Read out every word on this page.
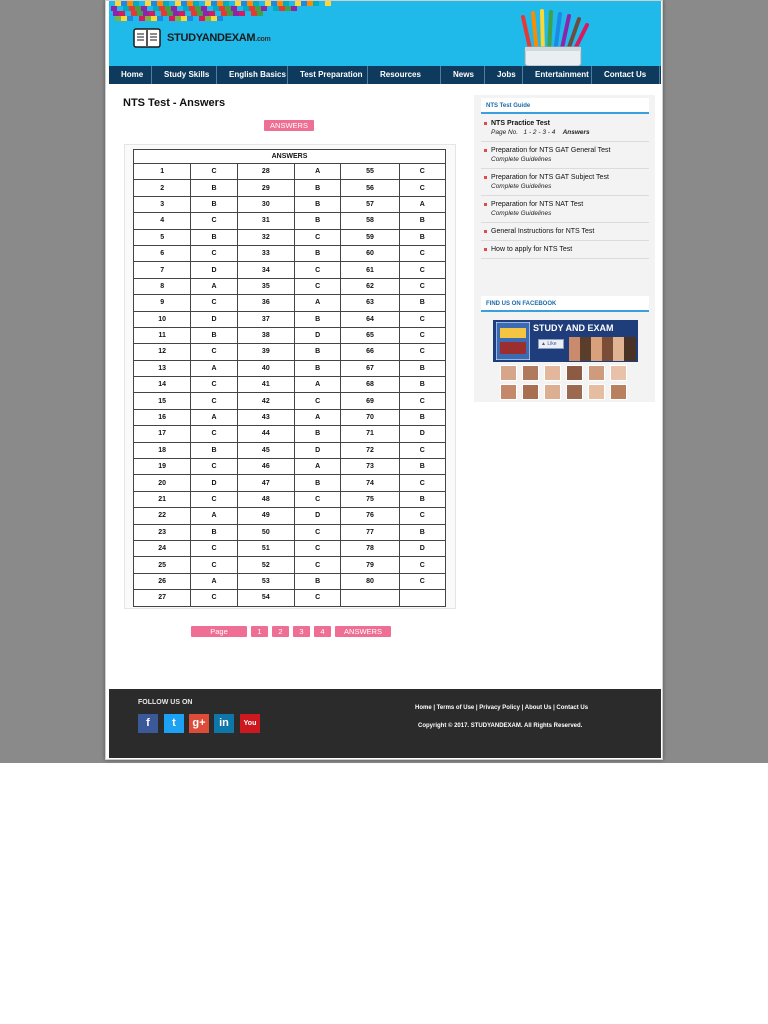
STUDYANDEXAM.com
Home	Study Skills	English Basics	Test Preparation	Resources	News	Jobs	Entertainment	Contact Us
NTS Test - Answers
ANSWERS
ANSWERS					
1	C	28	A	55	C
2	B	29	B	56	C
3	B	30	B	57	A
4	C	31	B	58	B
5	B	32	C	59	B
6	C	33	B	60	C
7	D	34	C	61	C
8	A	35	C	62	C
9	C	36	A	63	B
10	D	37	B	64	C
11	B	38	D	65	C
12	C	39	B	66	C
13	A	40	B	67	B
14	C	41	A	68	B
15	C	42	C	69	C
16	A	43	A	70	B
17	C	44	B	71	D
18	B	45	D	72	C
19	C	46	A	73	B
20	D	47	B	74	C
21	C	48	C	75	B
22	A	49	D	76	C
23	B	50	C	77	B
24	C	51	C	78	D
25	C	52	C	79	C
26	A	53	B	80	C
27	C	54	C		
Page	1	2	3	4	ANSWERS
NTS Test Guide
NTS Practice Test
Page No. 1 - 2 - 3 - 4 Answers
Preparation for NTS GAT General Test
Complete Guidelines
Preparation for NTS GAT Subject Test
Complete Guidelines
Preparation for NTS NAT Test
Complete Guidelines
General Instructions for NTS Test
How to apply for NTS Test
FIND US ON FACEBOOK
STUDY AND EXAM
▲ Like
FOLLOW US ON
f	t	g+	in	You
Home | Terms of Use | Privacy Policy | About Us | Contact Us
Copyright © 2017. STUDYANDEXAM. All Rights Reserved.
